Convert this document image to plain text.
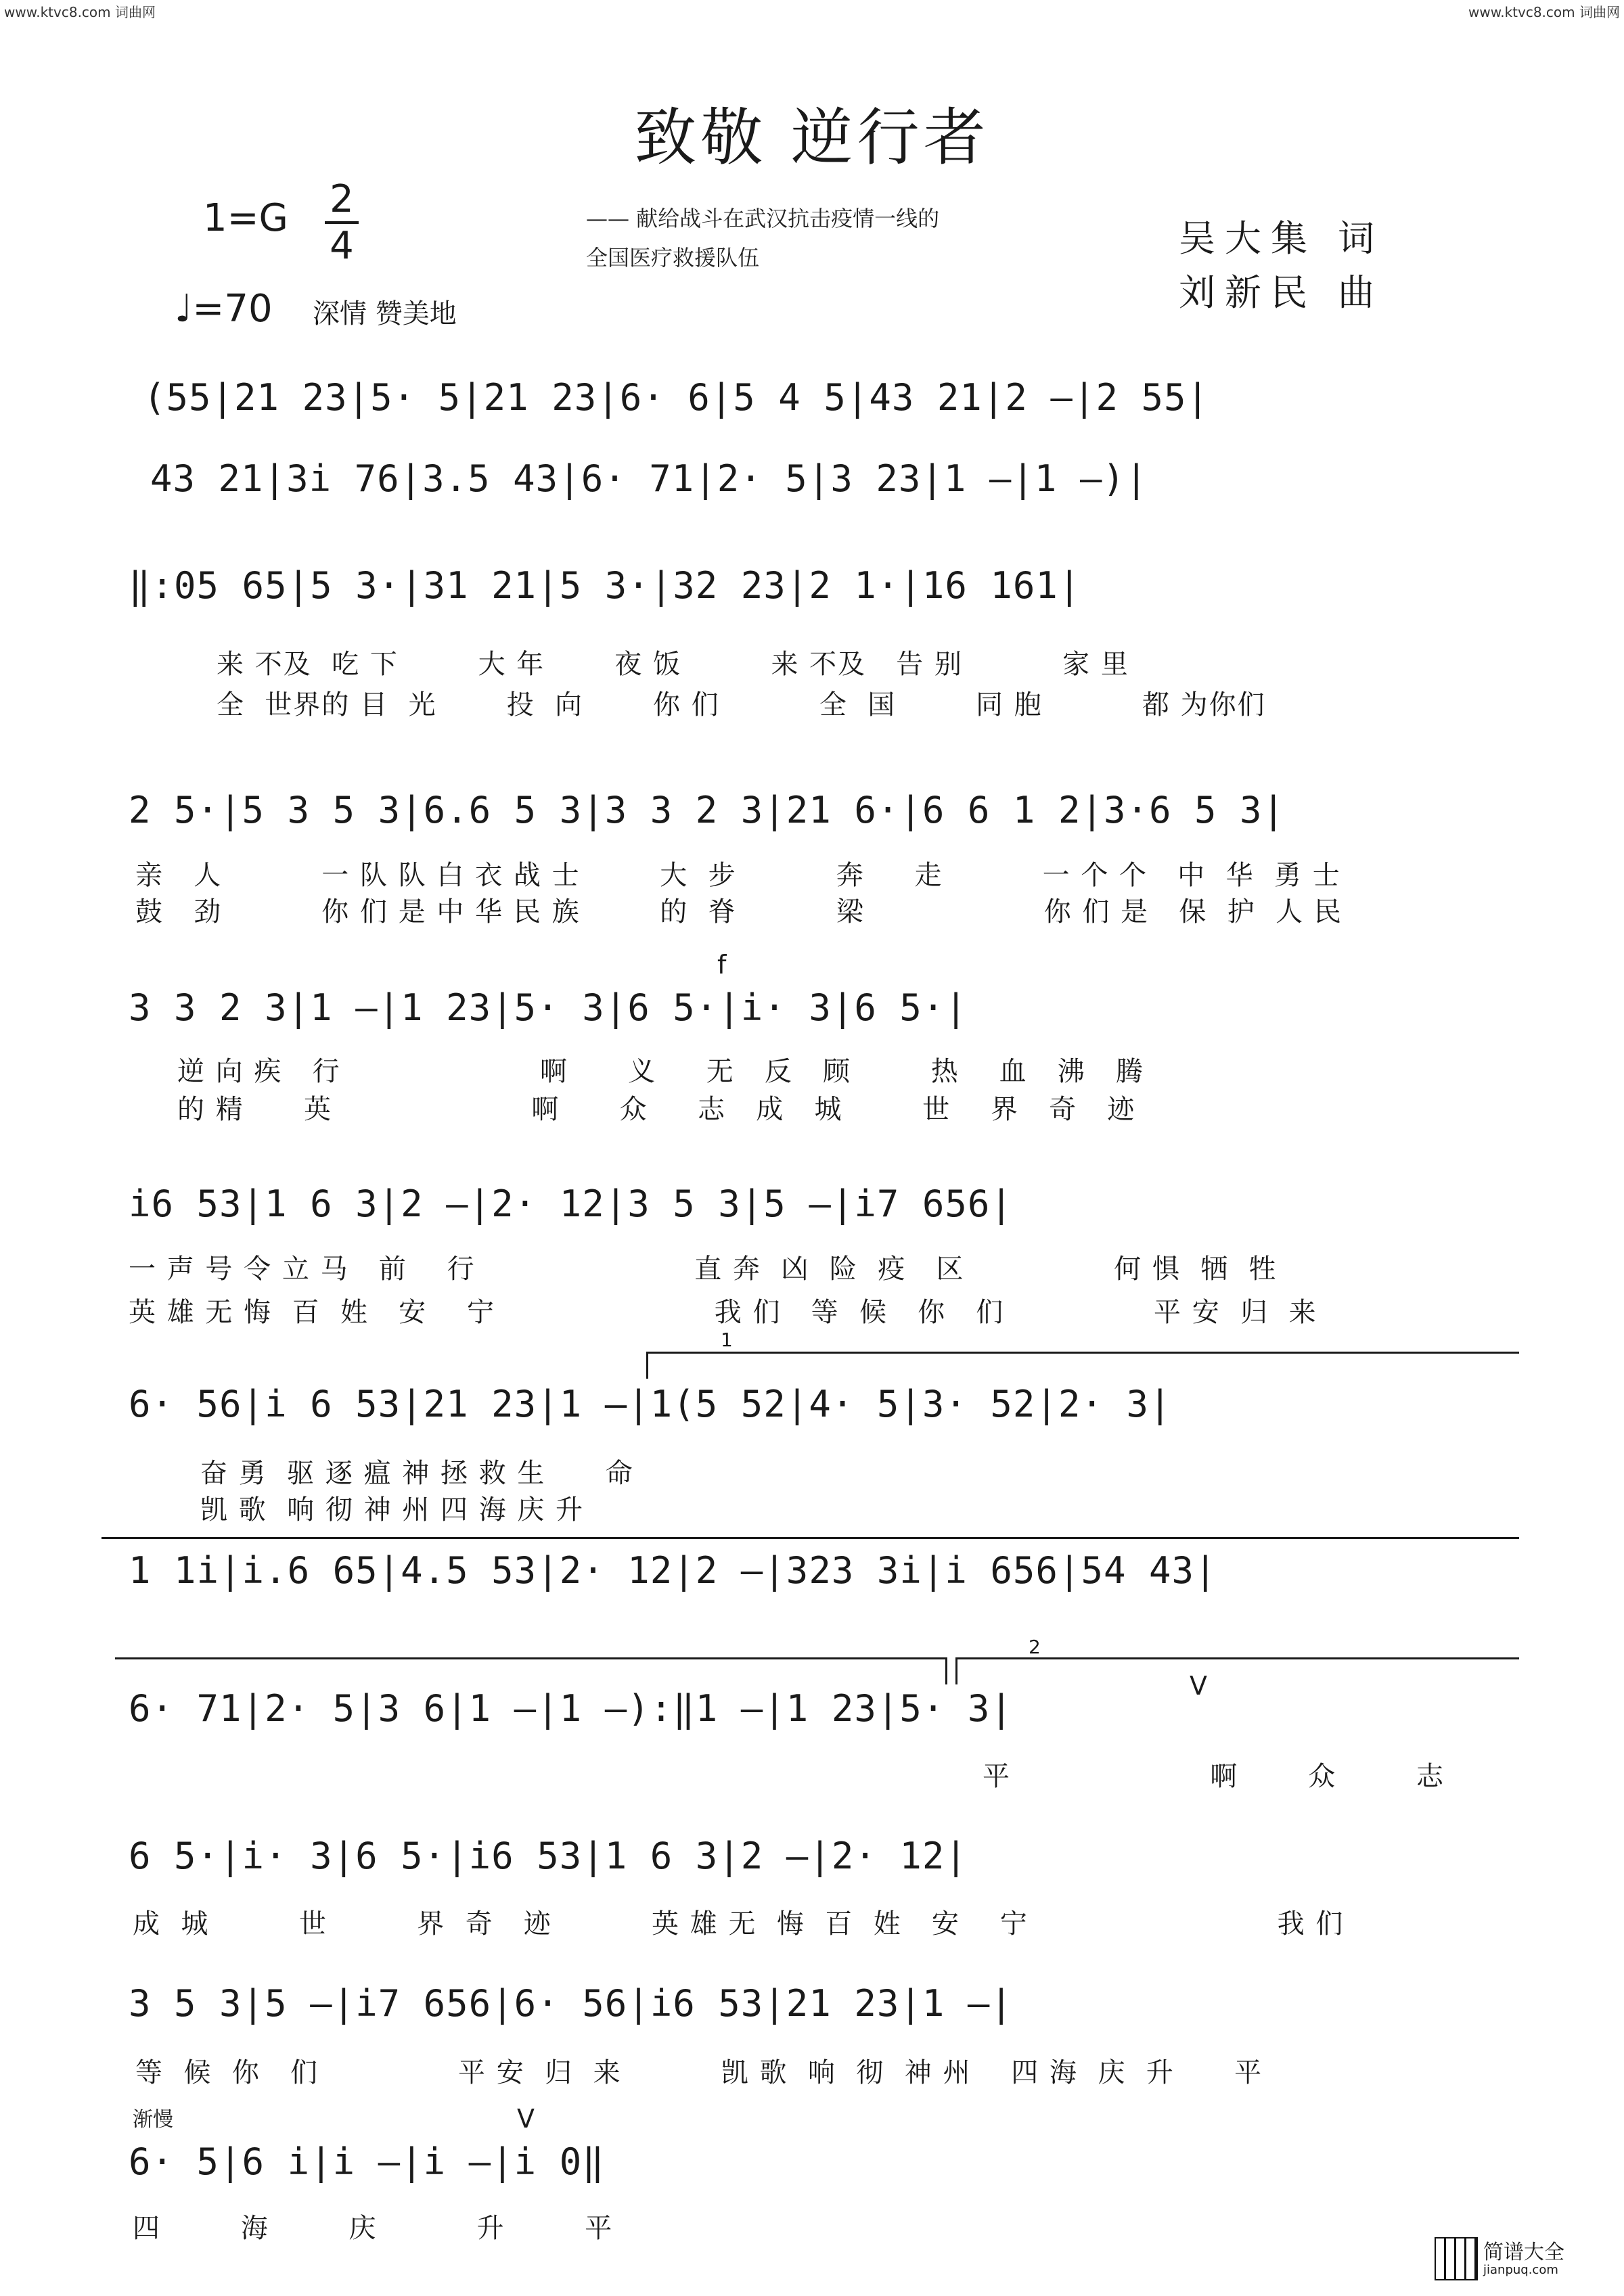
www.ktvc8.com 词曲网	www.ktvc8.com 词曲网
致敬 逆行者
1=G 2
4
♩=70 深情 赞美地
—— 献给战斗在武汉抗击疫情一线的
全国医疗救援队伍	吴大集 词
刘新民 曲
(55|21 23|5· 5|21 23|6· 6|5 4 5|43 21|2 —|2 55|
43 21|3i 76|3.5 43|6· 71|2· 5|3 23|1 —|1 —)|
‖:05 65|5 3·|31 21|5 3·|32 23|2 1·|16 161|
来 不及  吃 下        大 年       夜 饭         来 不及   告 别          家 里
全  世界的 目  光       投  向       你 们          全  国        同 胞          都 为你们
2 5·|5 3 5 3|6.6 5 3|3 3 2 3|21 6·|6 6 1 2|3·6 5 3|
亲   人          一 队 队 白 衣 战 士        大  步          奔     走          一 个 个   中  华  勇 士
鼓   劲          你 们 是 中 华 民 族        的  脊          梁                  你 们 是   保  护  人 民
f
3 3 2 3|1 —|1 23|5· 3|6 5·|i· 3|6 5·|
逆 向 疾   行                    啊      义     无   反   顾        热    血   沸   腾
的 精      英                    啊      众     志   成   城        世    界   奇   迹
i6 53|1 6 3|2 —|2· 12|3 5 3|5 —|i7 656|
一 声 号 令 立 马   前    行                      直 奔  凶  险  疫   区               何 惧  牺  牲
英 雄 无 悔  百  姓   安    宁                      我 们   等  候   你   们               平 安  归  来
1
6· 56|i 6 53|21 23|1 —|1(5 52|4· 5|3· 52|2· 3|
奋 勇  驱 逐 瘟 神 拯 救 生      命
凯 歌  响 彻 神 州 四 海 庆 升
1 1i|i.6 65|4.5 53|2· 12|2 —|323 3i|i 656|54 43|
2
V
6· 71|2· 5|3 6|1 —|1 —):‖1 —|1 23|5· 3|
平                    啊       众        志
6 5·|i· 3|6 5·|i6 53|1 6 3|2 —|2· 12|
成  城         世         界  奇   迹          英 雄 无  悔  百  姓   安    宁                         我 们
3 5 3|5 —|i7 656|6· 56|i6 53|21 23|1 —|
等  候  你   们              平 安  归  来          凯 歌  响  彻  神 州    四 海  庆  升      平
渐慢	V
6· 5|6 i|i —|i —|i 0‖
四        海        庆          升        平
简谱大全
jianpuq.com
